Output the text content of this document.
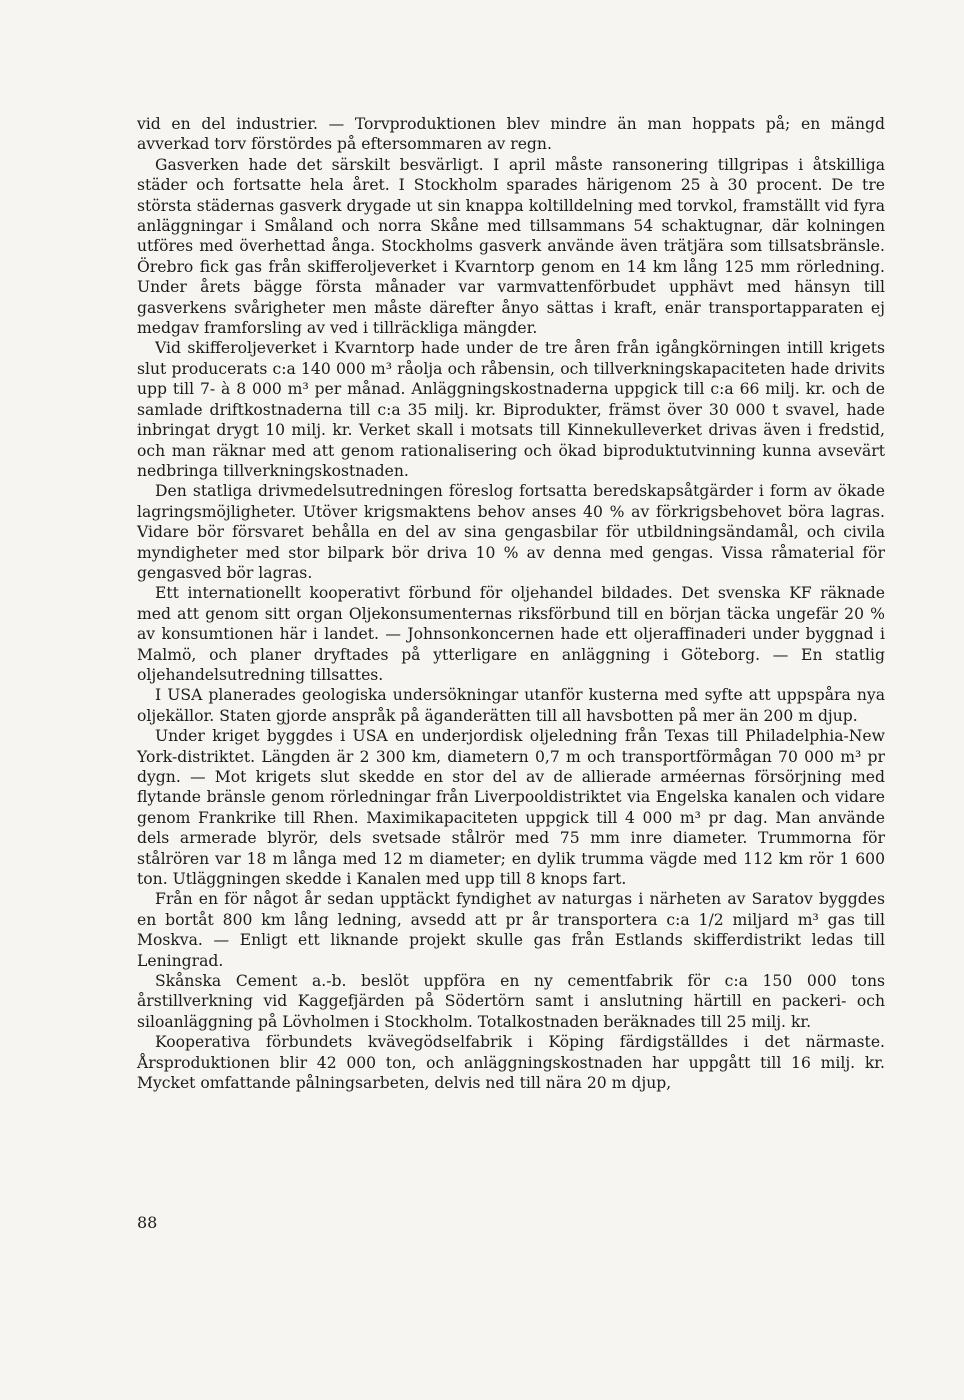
vid en del industrier. — Torvproduktionen blev mindre än man hoppats på; en mängd avverkad torv förstördes på eftersommaren av regn.

Gasverken hade det särskilt besvärligt. I april måste ransonering tillgripas i åtskilliga städer och fortsatte hela året. I Stockholm sparades härigenom 25 à 30 procent. De tre största städernas gasverk drygade ut sin knappa koltilldelning med torvkol, framställt vid fyra anläggningar i Småland och norra Skåne med tillsammans 54 schaktugnar, där kolningen utföres med överhettad ånga. Stockholms gasverk använde även trätjära som tillsatsbränsle. Örebro fick gas från skifferoljeverket i Kvarntorp genom en 14 km lång 125 mm rörledning. Under årets bägge första månader var varmvattenförbudet upphävt med hänsyn till gasverkens svårigheter men måste därefter ånyo sättas i kraft, enär transportapparaten ej medgav framforsling av ved i tillräckliga mängder.

Vid skifferoljeverket i Kvarntorp hade under de tre åren från igångkörningen intill krigets slut producerats c:a 140 000 m³ råolja och råbensin, och tillverkningskapaciteten hade drivits upp till 7- à 8 000 m³ per månad. Anläggningskostnaderna uppgick till c:a 66 milj. kr. och de samlade driftkostnaderna till c:a 35 milj. kr. Biprodukter, främst över 30 000 t svavel, hade inbringat drygt 10 milj. kr. Verket skall i motsats till Kinnekulleverket drivas även i fredstid, och man räknar med att genom rationalisering och ökad biproduktutvinning kunna avsevärt nedbringa tillverkningskostnaden.

Den statliga drivmedelsutredningen föreslog fortsatta beredskapsåtgärder i form av ökade lagringsmöjligheter. Utöver krigsmaktens behov anses 40 % av förkrigsbehovet böra lagras. Vidare bör försvaret behålla en del av sina gengasbilar för utbildningsändamål, och civila myndigheter med stor bilpark bör driva 10 % av denna med gengas. Vissa råmaterial för gengasved bör lagras.

Ett internationellt kooperativt förbund för oljehandel bildades. Det svenska KF räknade med att genom sitt organ Oljekonsumenternas riksförbund till en början täcka ungefär 20 % av konsumtionen här i landet. — Johnsonkoncernen hade ett oljeraffinaderi under byggnad i Malmö, och planer dryftades på ytterligare en anläggning i Göteborg. — En statlig oljehandelsutredning tillsattes.

I USA planerades geologiska undersökningar utanför kusterna med syfte att uppspåra nya oljekällor. Staten gjorde anspråk på äganderätten till all havsbotten på mer än 200 m djup.

Under kriget byggdes i USA en underjordisk oljeledning från Texas till Philadelphia-New York-distriktet. Längden är 2 300 km, diametern 0,7 m och transportförmågan 70 000 m³ pr dygn. — Mot krigets slut skedde en stor del av de allierade arméernas försörjning med flytande bränsle genom rörledningar från Liverpooldistriktet via Engelska kanalen och vidare genom Frankrike till Rhen. Maximikapaciteten uppgick till 4 000 m³ pr dag. Man använde dels armerade blyrör, dels svetsade stålrör med 75 mm inre diameter. Trummorna för stålrören var 18 m långa med 12 m diameter; en dylik trumma vägde med 112 km rör 1 600 ton. Utläggningen skedde i Kanalen med upp till 8 knops fart.

Från en för något år sedan upptäckt fyndighet av naturgas i närheten av Saratov byggdes en bortåt 800 km lång ledning, avsedd att pr år transportera c:a 1/2 miljard m³ gas till Moskva. — Enligt ett liknande projekt skulle gas från Estlands skifferdistrikt ledas till Leningrad.

Skånska Cement a.-b. beslöt uppföra en ny cementfabrik för c:a 150 000 tons årstillverkning vid Kaggefjärden på Södertörn samt i anslutning härtill en packeri- och siloanläggning på Lövholmen i Stockholm. Totalkostnaden beräknades till 25 milj. kr.

Kooperativa förbundets kvävegödselfabrik i Köping färdigställdes i det närmaste. Årsproduktionen blir 42 000 ton, och anläggningskostnaden har uppgått till 16 milj. kr. Mycket omfattande pålningsarbeten, delvis ned till nära 20 m djup,

88
